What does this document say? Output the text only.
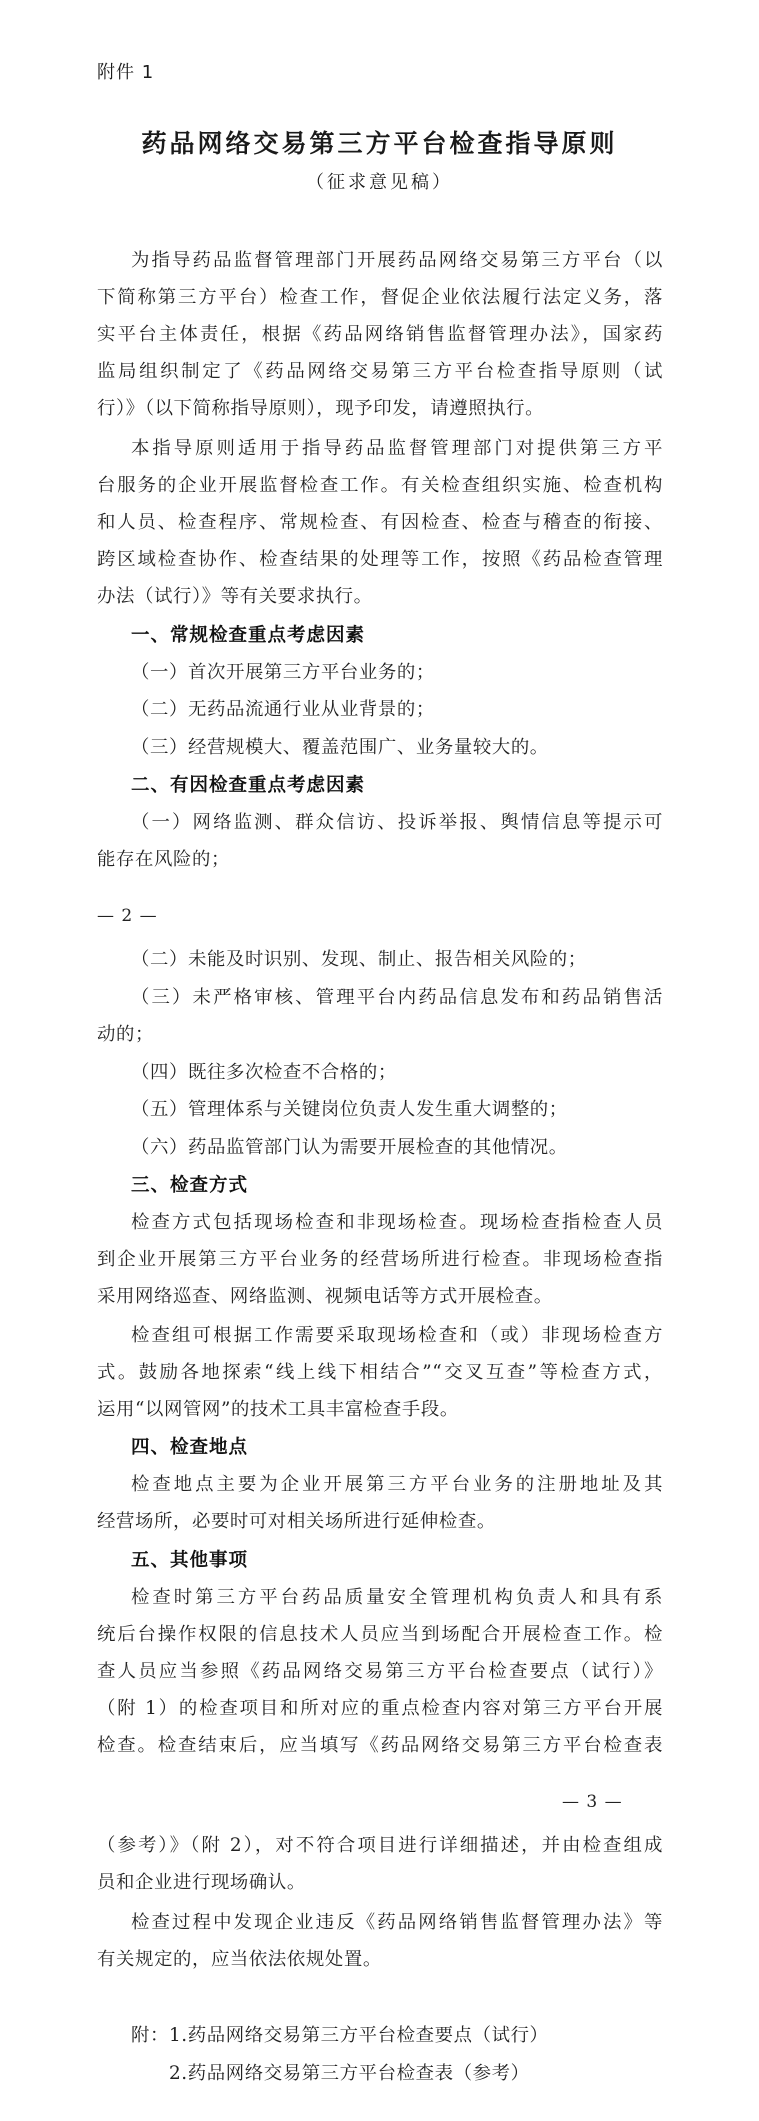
附件 1
药品网络交易第三方平台检查指导原则
（征求意见稿）
为指导药品监督管理部门开展药品网络交易第三方平台（以
下简称第三方平台）检查工作，督促企业依法履行法定义务，落
实平台主体责任，根据《药品网络销售监督管理办法》，国家药
监局组织制定了《药品网络交易第三方平台检查指导原则（试
行）》（以下简称指导原则），现予印发，请遵照执行。
本指导原则适用于指导药品监督管理部门对提供第三方平
台服务的企业开展监督检查工作。有关检查组织实施、检查机构
和人员、检查程序、常规检查、有因检查、检查与稽查的衔接、
跨区域检查协作、检查结果的处理等工作，按照《药品检查管理
办法（试行）》等有关要求执行。
一、常规检查重点考虑因素
（一）首次开展第三方平台业务的；
（二）无药品流通行业从业背景的；
（三）经营规模大、覆盖范围广、业务量较大的。
二、有因检查重点考虑因素
（一）网络监测、群众信访、投诉举报、舆情信息等提示可
能存在风险的；
（二）未能及时识别、发现、制止、报告相关风险的；
（三）未严格审核、管理平台内药品信息发布和药品销售活
动的；
（四）既往多次检查不合格的；
（五）管理体系与关键岗位负责人发生重大调整的；
（六）药品监管部门认为需要开展检查的其他情况。
三、检查方式
检查方式包括现场检查和非现场检查。现场检查指检查人员
到企业开展第三方平台业务的经营场所进行检查。非现场检查指
采用网络巡查、网络监测、视频电话等方式开展检查。
检查组可根据工作需要采取现场检查和（或）非现场检查方
式。鼓励各地探索“线上线下相结合”“交叉互查”等检查方式，
运用“以网管网”的技术工具丰富检查手段。
四、检查地点
检查地点主要为企业开展第三方平台业务的注册地址及其
经营场所，必要时可对相关场所进行延伸检查。
五、其他事项
检查时第三方平台药品质量安全管理机构负责人和具有系
统后台操作权限的信息技术人员应当到场配合开展检查工作。检
查人员应当参照《药品网络交易第三方平台检查要点（试行）》
（附 1）的检查项目和所对应的重点检查内容对第三方平台开展
检查。检查结束后，应当填写《药品网络交易第三方平台检查表
（参考）》（附 2），对不符合项目进行详细描述，并由检查组成
员和企业进行现场确认。
检查过程中发现企业违反《药品网络销售监督管理办法》等
有关规定的，应当依法依规处置。
附：1.药品网络交易第三方平台检查要点（试行）
2.药品网络交易第三方平台检查表（参考）
— 2 —
— 3 —
